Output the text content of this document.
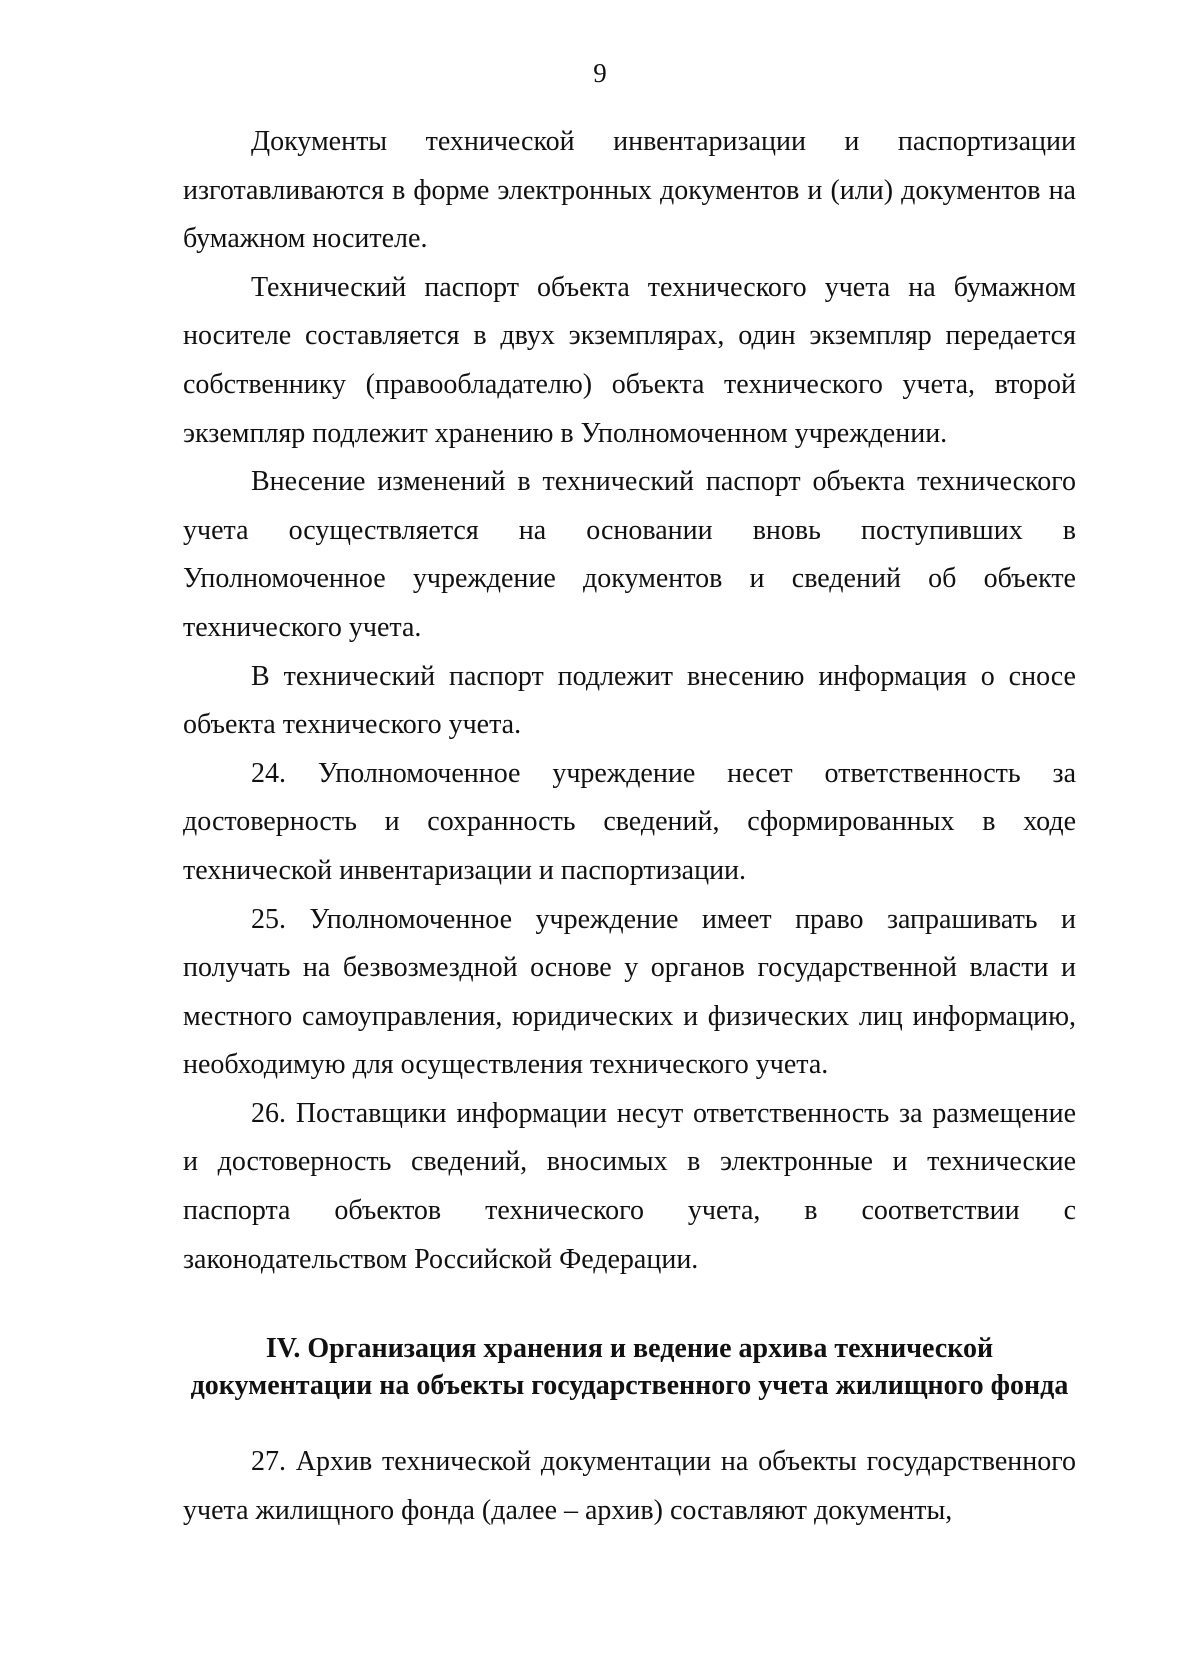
9

Документы технической инвентаризации и паспортизации изготавливаются в форме электронных документов и (или) документов на бумажном носителе.

Технический паспорт объекта технического учета на бумажном носителе составляется в двух экземплярах, один экземпляр передается собственнику (правообладателю) объекта технического учета, второй экземпляр подлежит хранению в Уполномоченном учреждении.

Внесение изменений в технический паспорт объекта технического учета осуществляется на основании вновь поступивших в Уполномоченное учреждение документов и сведений об объекте технического учета.

В технический паспорт подлежит внесению информация о сносе объекта технического учета.

24. Уполномоченное учреждение несет ответственность за достоверность и сохранность сведений, сформированных в ходе технической инвентаризации и паспортизации.

25. Уполномоченное учреждение имеет право запрашивать и получать на безвозмездной основе у органов государственной власти и местного самоуправления, юридических и физических лиц информацию, необходимую для осуществления технического учета.

26. Поставщики информации несут ответственность за размещение и достоверность сведений, вносимых в электронные и технические паспорта объектов технического учета, в соответствии с законодательством Российской Федерации.

IV. Организация хранения и ведение архива технической
документации на объекты государственного учета жилищного фонда

27. Архив технической документации на объекты государственного учета жилищного фонда (далее – архив) составляют документы,
